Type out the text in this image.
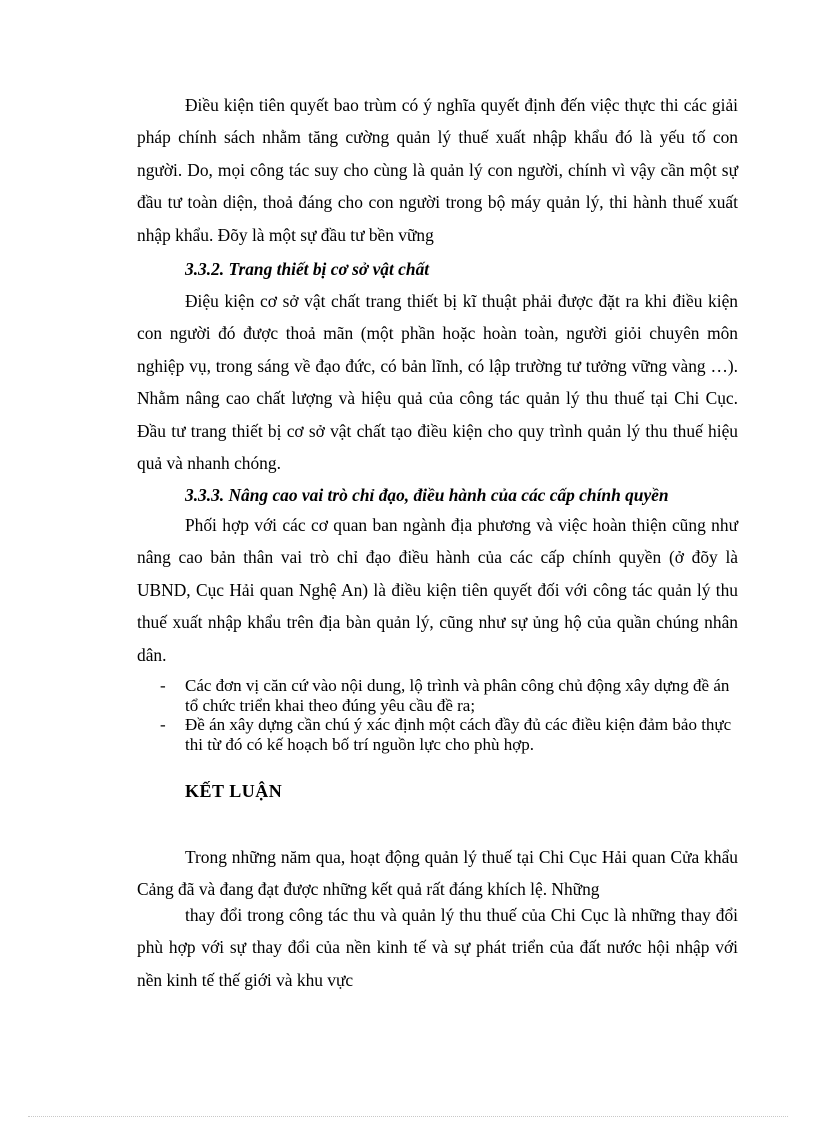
Điều kiện tiên quyết bao trùm có ý nghĩa quyết định đến việc thực thi các giải pháp chính sách nhằm tăng cường quản lý thuế xuất nhập khẩu đó là yếu tố con người. Do, mọi công tác suy cho cùng là quản lý con người, chính vì vậy cần một sự đầu tư toàn diện, thoả đáng cho con người trong bộ máy quản lý, thi hành thuế xuất nhập khẩu. Đõy là một sự đầu tư bền vững

3.3.2. Trang thiết bị cơ sở vật chất

Điệu kiện cơ sở vật chất trang thiết bị kĩ thuật phải được đặt ra khi điều kiện con người đó được thoả mãn (một phần hoặc hoàn toàn, người giỏi chuyên môn nghiệp vụ, trong sáng về đạo đức, có bản lĩnh, có lập trường tư tưởng vững vàng …). Nhằm nâng cao chất lượng và hiệu quả của công tác quản lý thu thuế tại Chi Cục. Đầu tư trang thiết bị cơ sở vật chất tạo điều kiện cho quy trình quản lý thu thuế hiệu quả và nhanh chóng.

3.3.3. Nâng cao vai trò chỉ đạo, điều hành của các cấp chính quyền

Phối hợp với các cơ quan ban ngành địa phương và việc hoàn thiện cũng như nâng cao bản thân vai trò chỉ đạo điều hành của các cấp chính quyền (ở đõy là UBND, Cục Hải quan Nghệ An) là điều kiện tiên quyết đối với công tác quản lý thu thuế xuất nhập khẩu trên địa bàn quản lý, cũng như sự ủng hộ của quần chúng nhân dân.

- Các đơn vị căn cứ vào nội dung, lộ trình và phân công chủ động xây dựng đề án tổ chức triển khai theo đúng yêu cầu đề ra;
- Đề án xây dựng cần chú ý xác định một cách đầy đủ các điều kiện đảm bảo thực thi từ đó có kế hoạch bố trí nguồn lực cho phù hợp.

KẾT LUẬN

Trong những năm qua, hoạt động quản lý thuế tại Chi Cục Hải quan Cửa khẩu Cảng đã và đang đạt được những kết quả rất đáng khích lệ. Những

thay đổi trong công tác thu và quản lý thu thuế của Chi Cục là những thay đổi phù hợp với sự thay đổi của nền kinh tế và sự phát triển của đất nước hội nhập với nền kinh tế thế giới và khu vực
